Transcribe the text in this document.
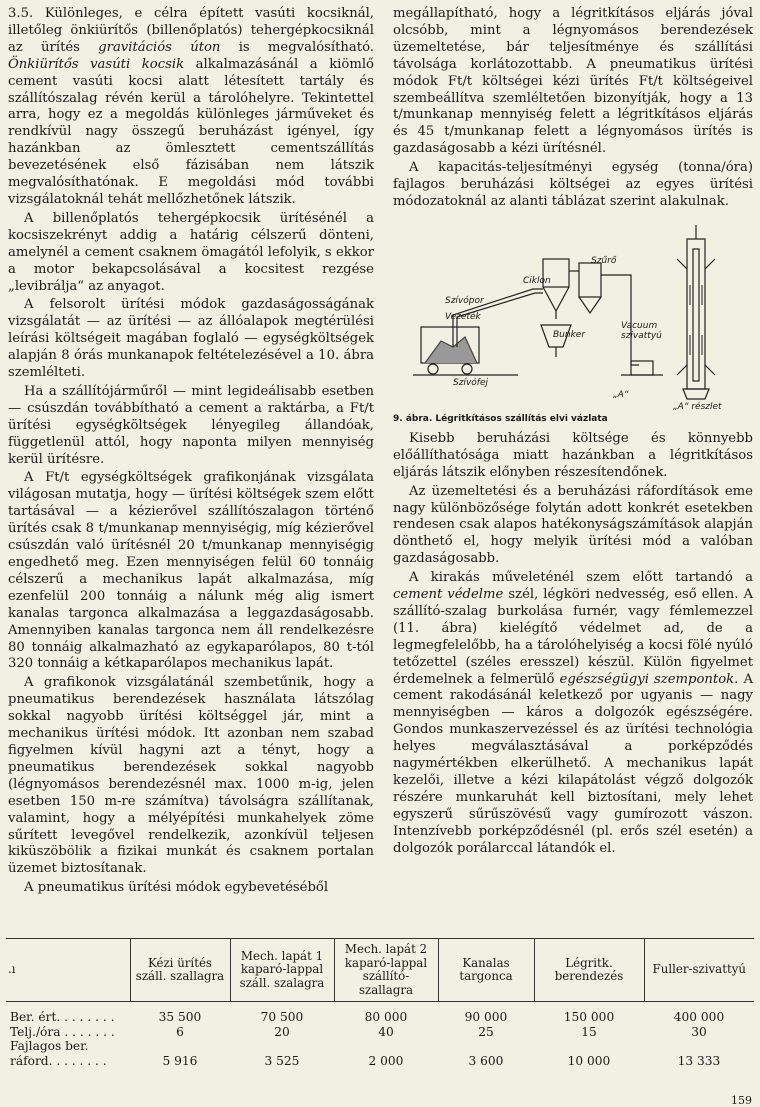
3.5. Különleges, e célra épített vasúti kocsiknál, illetőleg önkiürítős (billenőplatós) tehergépkocsiknál az ürítés gravitációs úton is megvalósítható. Önkiürítős vasúti kocsik alkalmazásánál a kiömlő cement vasúti kocsi alatt létesített tartály és szállítószalag révén kerül a tárolóhelyre. Tekintettel arra, hogy ez a megoldás különleges járműveket és rendkívül nagy összegű beruházást igényel, így hazánkban az ömlesztett cementszállítás bevezetésének első fázisában nem látszik megvalósíthatónak. E megoldási mód további vizsgálatoknál tehát mellőzhetőnek látszik.

A billenőplatós tehergépkocsik ürítésénél a kocsiszekrényt addig a határig célszerű dönteni, amelynél a cement csaknem ömagától lefolyik, s ekkor a motor bekapcsolásával a kocsitest rezgése „levibrálja“ az anyagot.

A felsorolt ürítési módok gazdaságosságának vizsgálatát — az ürítési — az állóalapok megtérülési leírási költségeit magában foglaló — egységköltségek alapján 8 órás munkanapok feltételezésével a 10. ábra szemlélteti.

Ha a szállítójárműről — mint legideálisabb esetben — csúszdán továbbítható a cement a raktárba, a Ft/t ürítési egységköltségek lényegileg állandóak, függetlenül attól, hogy naponta milyen mennyiség kerül ürítésre.

A Ft/t egységköltségek grafikonjának vizsgálata világosan mutatja, hogy — ürítési költségek szem előtt tartásával — a kézierővel szállítószalagon történő ürítés csak 8 t/munkanap mennyiségig, míg kézierővel csúszdán való ürítésnél 20 t/munkanap mennyiségig engedhető meg. Ezen mennyiségen felül 60 tonnáig célszerű a mechanikus lapát alkalmazása, míg ezenfelül 200 tonnáig a nálunk még alig ismert kanalas targonca alkalmazása a leggazdaságosabb. Amennyiben kanalas targonca nem áll rendelkezésre 80 tonnáig alkalmazható az egykaparólapos, 80 t-tól 320 tonnáig a kétkaparólapos mechanikus lapát.

A grafikonok vizsgálatánál szembetűnik, hogy a pneumatikus berendezések használata látszólag sokkal nagyobb ürítési költséggel jár, mint a mechanikus ürítési módok. Itt azonban nem szabad figyelmen kívül hagyni azt a tényt, hogy a pneumatikus berendezések sokkal nagyobb (légnyomásos berendezésnél max. 1000 m-ig, jelen esetben 150 m-re számítva) távolságra szállítanak, valamint, hogy a mélyépítési munkahelyek zöme sűrített levegővel rendelkezik, azonkívül teljesen kiküszöbölik a fizikai munkát és csaknem portalan üzemet biztosítanak.

A pneumatikus ürítési módok egybevetéséből

megállapítható, hogy a légritkításos eljárás jóval olcsóbb, mint a légnyomásos berendezések üzemeltetése, bár teljesítménye és szállítási távolsága korlátozottabb. A pneumatikus ürítési módok Ft/t költségei kézi ürítés Ft/t költségeivel szembeállítva szemléltetően bizonyítják, hogy a 13 t/munkanap mennyiség felett a légritkításos eljárás és 45 t/munkanap felett a légnyomásos ürítés is gazdaságosabb a kézi ürítésnél.

A kapacitás-teljesítményi egység (tonna/óra) fajlagos beruházási költségei az egyes ürítési módozatoknál az alanti táblázat szerint alakulnak.

Ciklon
Szűrő
Szívópor
Vezeték
Bunker
Vacuum szivattyú
Szívófej
„A“ részlet
„A“
9. ábra. Légritkításos szállítás elvi vázlata

Kisebb beruházási költsége és könnyebb előállíthatósága miatt hazánkban a légritkításos eljárás látszik előnyben részesítendőnek.

Az üzemeltetési és a beruházási ráfordítások eme nagy különbözősége folytán adott konkrét esetekben rendesen csak alapos hatékonyságszámítások alapján dönthető el, hogy melyik ürítési mód a valóban gazdaságosabb.

A kirakás műveleténél szem előtt tartandó a cement védelme szél, légköri nedvesség, eső ellen. A szállító-szalag burkolása furnér, vagy fémlemezzel (11. ábra) kielégítő védelmet ad, de a legmegfelelőbb, ha a tárolóhelyiség a kocsi fölé nyúló tetőzettel (széles eresszel) készül. Külön figyelmet érdemelnek a felmerülő egészségügyi szempontok. A cement rakodásánál keletkező por ugyanis — nagy mennyiségben — káros a dolgozók egészségére. Gondos munkaszervezéssel és az ürítési technológia helyes megválasztásával a porképződés nagymértékben elkerülhető. A mechanikus lapát kezelői, illetve a kézi kilapátolást végző dolgozók részére munkaruhát kell biztosítani, mely lehet egyszerű sűrűszövésű vagy gumírozott vászon. Intenzívebb porképződésnél (pl. erős szél esetén) a dolgozók porálarccal látandók el.

.ı	Kézi ürítés száll. szallagra	Mech. lapát 1 kaparó-lappal száll. szalagra	Mech. lapát 2 kaparó-lappal szállító-szallagra	Kanalas targonca	Légritk. berendezés	Fuller-szivattyú

Ber. ért. . . . . . . .	35 500	70 500	80 000	90 000	150 000	400 000
Telj./óra . . . . . . .	6	20	40	25	15	30
Fajlagos ber.						
ráford. . . . . . . .	5 916	3 525	2 000	3 600	10 000	13 333
159
